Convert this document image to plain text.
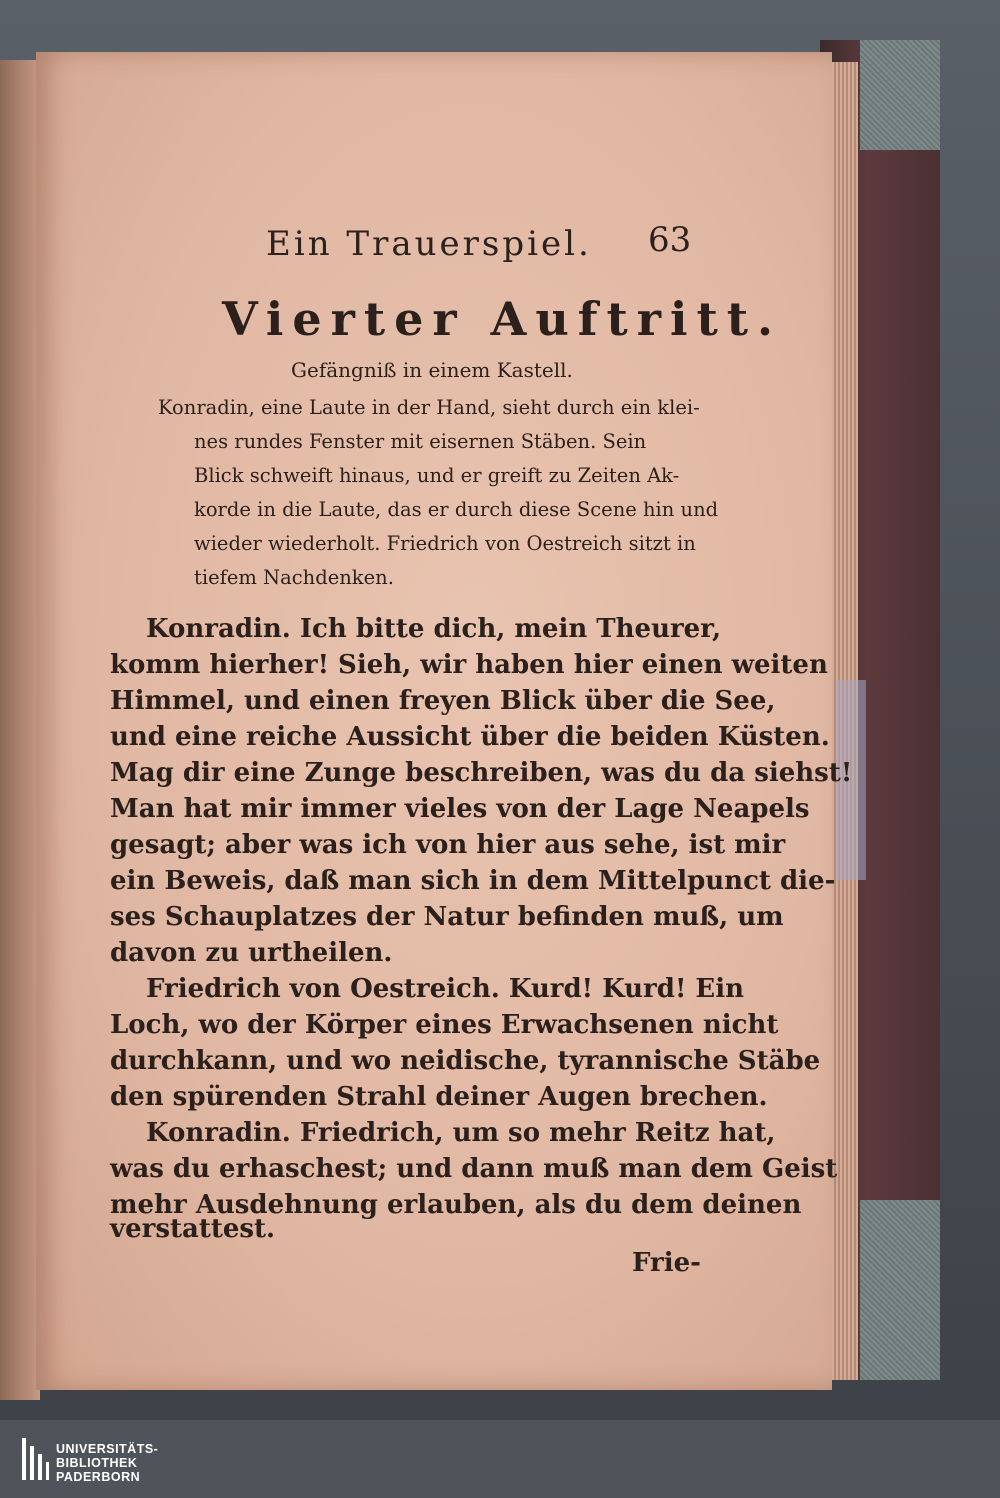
Ein Trauerspiel. 63
Vierter Auftritt.
Gefängniß in einem Kastell.
Konradin, eine Laute in der Hand, sieht durch ein klei-
nes rundes Fenster mit eisernen Stäben. Sein
Blick schweift hinaus, und er greift zu Zeiten Ak-
korde in die Laute, das er durch diese Scene hin und
wieder wiederholt. Friedrich von Oestreich sitzt in
tiefem Nachdenken.
Konradin. Ich bitte dich, mein Theurer,
komm hierher! Sieh, wir haben hier einen weiten
Himmel, und einen freyen Blick über die See,
und eine reiche Aussicht über die beiden Küsten.
Mag dir eine Zunge beschreiben, was du da siehst!
Man hat mir immer vieles von der Lage Neapels
gesagt; aber was ich von hier aus sehe, ist mir
ein Beweis, daß man sich in dem Mittelpunct die-
ses Schauplatzes der Natur befinden muß, um
davon zu urtheilen.
Friedrich von Oestreich. Kurd! Kurd! Ein
Loch, wo der Körper eines Erwachsenen nicht
durchkann, und wo neidische, tyrannische Stäbe
den spürenden Strahl deiner Augen brechen.
Konradin. Friedrich, um so mehr Reitz hat,
was du erhaschest; und dann muß man dem Geist
mehr Ausdehnung erlauben, als du dem deinen
verstattest.
Frie-
UNIVERSITÄTS-
BIBLIOTHEK
PADERBORN
